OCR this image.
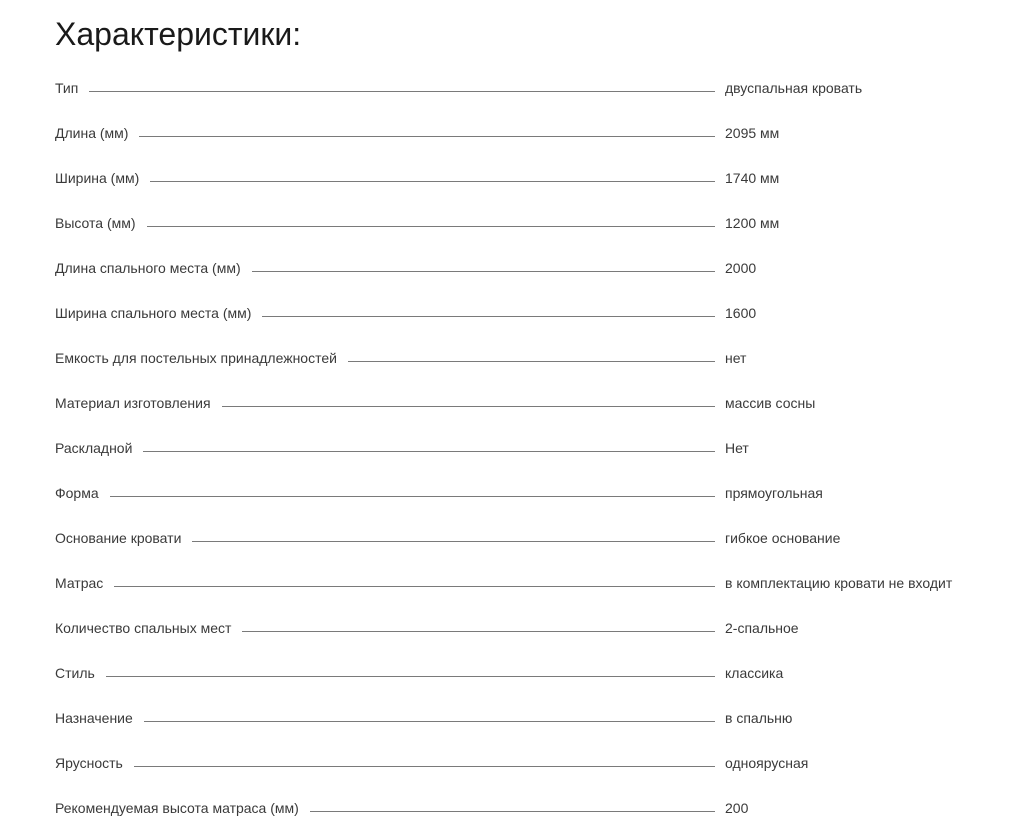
Характеристики:
Тип	двуспальная кровать
Длина (мм)	2095 мм
Ширина (мм)	1740 мм
Высота (мм)	1200 мм
Длина спального места (мм)	2000
Ширина спального места (мм)	1600
Емкость для постельных принадлежностей	нет
Материал изготовления	массив сосны
Раскладной	Нет
Форма	прямоугольная
Основание кровати	гибкое основание
Матрас	в комплектацию кровати не входит
Количество спальных мест	2-спальное
Стиль	классика
Назначение	в спальню
Ярусность	одноярусная
Рекомендуемая высота матраса (мм)	200
